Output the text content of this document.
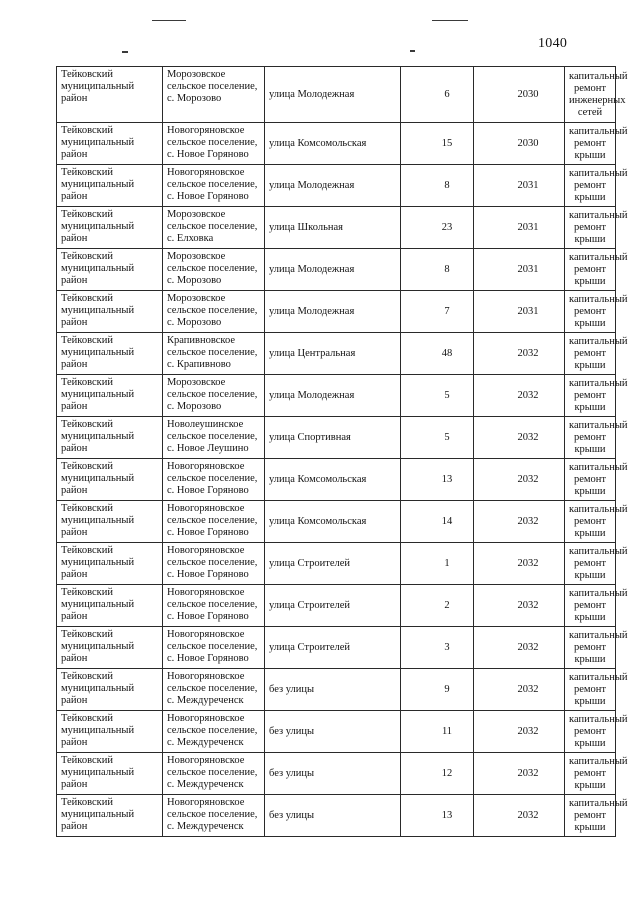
1040
Тейковский муниципальный район	Морозовское сельское поселение, с. Морозово	улица Молодежная	6	2030	капитальный ремонт инженерных сетей
Тейковский муниципальный район	Новогоряновское сельское поселение, с. Новое Горяново	улица Комсомольская	15	2030	капитальный ремонт крыши
Тейковский муниципальный район	Новогоряновское сельское поселение, с. Новое Горяново	улица Молодежная	8	2031	капитальный ремонт крыши
Тейковский муниципальный район	Морозовское сельское поселение, с. Елховка	улица Школьная	23	2031	капитальный ремонт крыши
Тейковский муниципальный район	Морозовское сельское поселение, с. Морозово	улица Молодежная	8	2031	капитальный ремонт крыши
Тейковский муниципальный район	Морозовское сельское поселение, с. Морозово	улица Молодежная	7	2031	капитальный ремонт крыши
Тейковский муниципальный район	Крапивновское сельское поселение, с. Крапивново	улица Центральная	48	2032	капитальный ремонт крыши
Тейковский муниципальный район	Морозовское сельское поселение, с. Морозово	улица Молодежная	5	2032	капитальный ремонт крыши
Тейковский муниципальный район	Новолеушинское сельское поселение, с. Новое Леушино	улица Спортивная	5	2032	капитальный ремонт крыши
Тейковский муниципальный район	Новогоряновское сельское поселение, с. Новое Горяново	улица Комсомольская	13	2032	капитальный ремонт крыши
Тейковский муниципальный район	Новогоряновское сельское поселение, с. Новое Горяново	улица Комсомольская	14	2032	капитальный ремонт крыши
Тейковский муниципальный район	Новогоряновское сельское поселение, с. Новое Горяново	улица Строителей	1	2032	капитальный ремонт крыши
Тейковский муниципальный район	Новогоряновское сельское поселение, с. Новое Горяново	улица Строителей	2	2032	капитальный ремонт крыши
Тейковский муниципальный район	Новогоряновское сельское поселение, с. Новое Горяново	улица Строителей	3	2032	капитальный ремонт крыши
Тейковский муниципальный район	Новогоряновское сельское поселение, с. Междуреченск	без улицы	9	2032	капитальный ремонт крыши
Тейковский муниципальный район	Новогоряновское сельское поселение, с. Междуреченск	без улицы	11	2032	капитальный ремонт крыши
Тейковский муниципальный район	Новогоряновское сельское поселение, с. Междуреченск	без улицы	12	2032	капитальный ремонт крыши
Тейковский муниципальный район	Новогоряновское сельское поселение, с. Междуреченск	без улицы	13	2032	капитальный ремонт крыши
